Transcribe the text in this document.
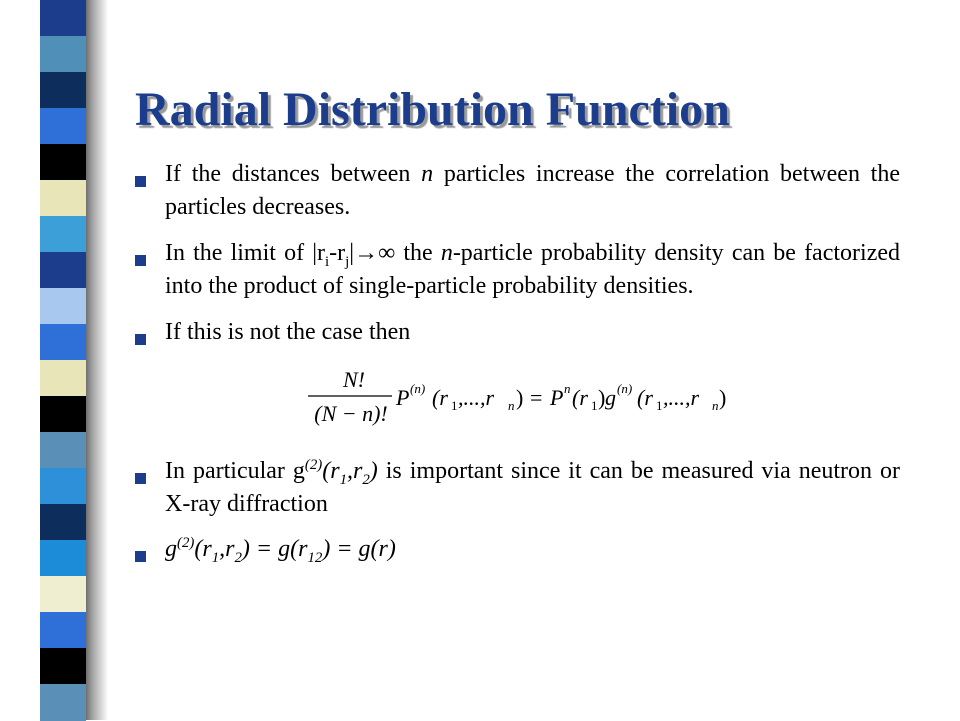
Radial Distribution Function
If the distances between n particles increase the correlation between the particles decreases.
In the limit of $|r_i-r_j|\to\infty$ the n-particle probability density can be factorized into the product of single-particle probability densities.
If this is not the case then
N!
(N − n)!
P (n) (r 1 ,...,r n ) = P n (r 1 ) g (n) (r 1 ,...,r n )
In particular $g^{(2)}(r_1,r_2)$ is important since it can be measured via neutron or X-ray diffraction
$g^{(2)}(r_1,r_2) = g(r_{12}) = g(r)$
